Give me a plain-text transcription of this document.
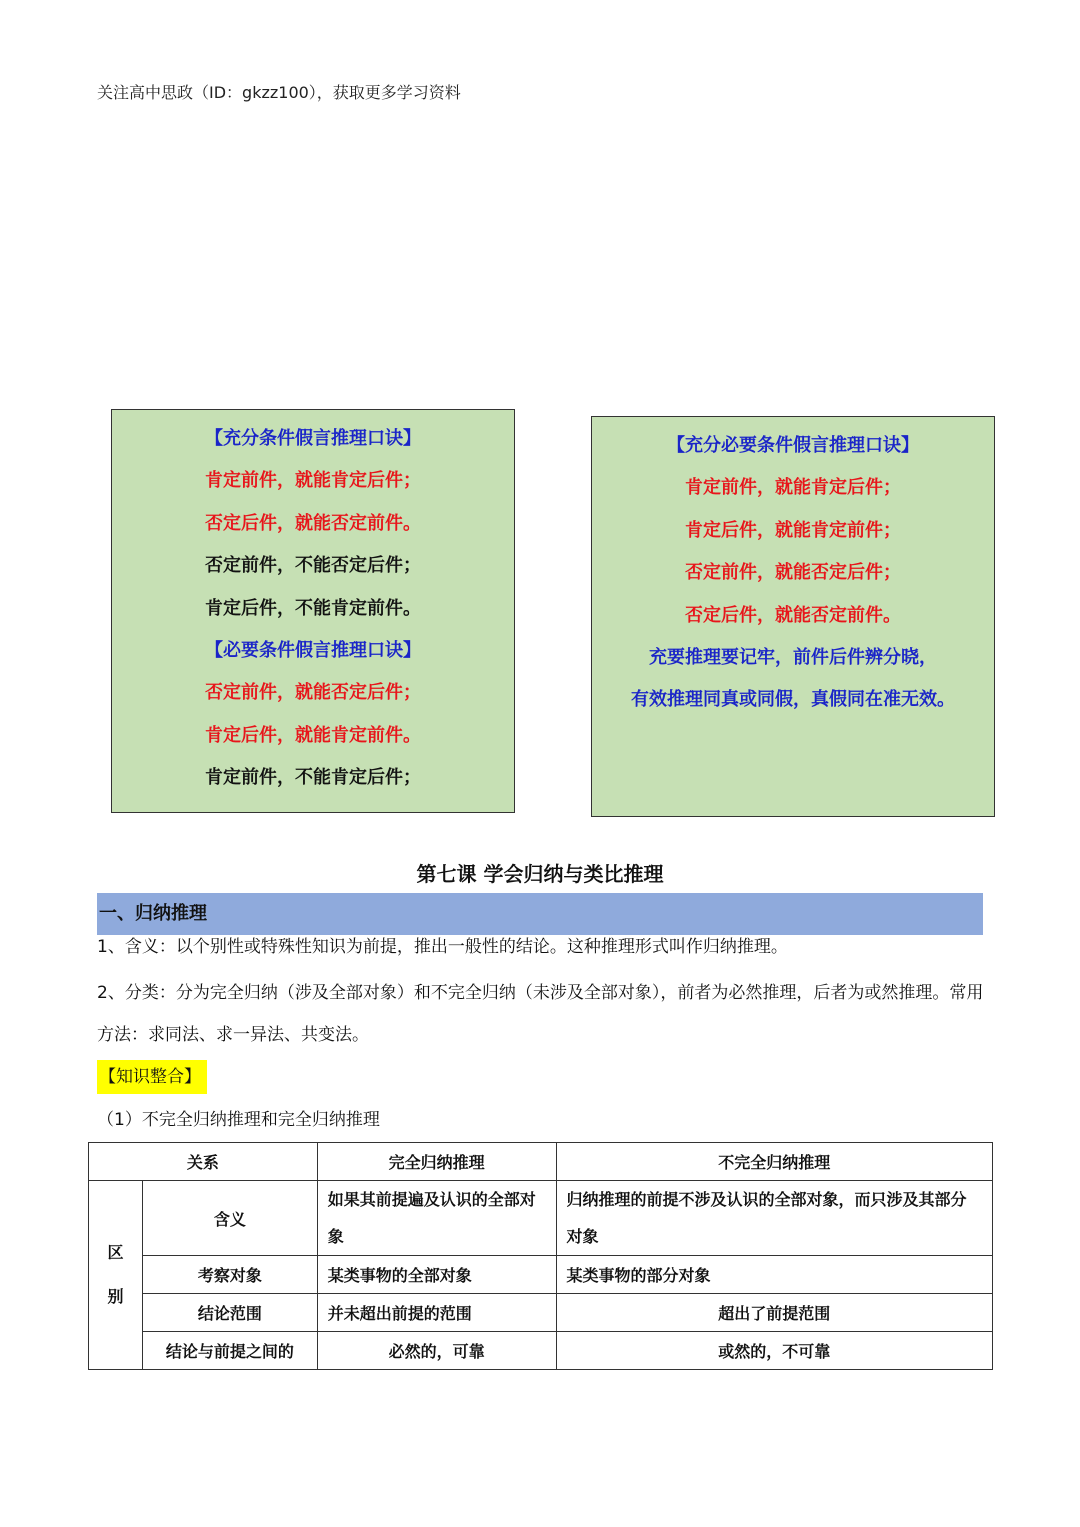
关注高中思政（ID：gkzz100），获取更多学习资料
【充分条件假言推理口诀】
肯定前件，就能肯定后件；
否定后件，就能否定前件。
否定前件，不能否定后件；
肯定后件，不能肯定前件。
【必要条件假言推理口诀】
否定前件，就能否定后件；
肯定后件，就能肯定前件。
肯定前件，不能肯定后件；
【充分必要条件假言推理口诀】
肯定前件，就能肯定后件；
肯定后件，就能肯定前件；
否定前件，就能否定后件；
否定后件，就能否定前件。
充要推理要记牢，前件后件辨分晓，
有效推理同真或同假，真假同在准无效。
第七课 学会归纳与类比推理
一、归纳推理
1、含义：以个别性或特殊性知识为前提，推出一般性的结论。这种推理形式叫作归纳推理。
2、分类：分为完全归纳（涉及全部对象）和不完全归纳（未涉及全部对象），前者为必然推理，后者为或然推理。常用方法：求同法、求一异法、共变法。
【知识整合】
（1）不完全归纳推理和完全归纳推理
关系		完全归纳推理	不完全归纳推理
区别	含义	如果其前提遍及认识的全部对象	归纳推理的前提不涉及认识的全部对象，而只涉及其部分对象
	考察对象	某类事物的全部对象	某类事物的部分对象
	结论范围	并未超出前提的范围	超出了前提范围
	结论与前提之间的	必然的，可靠	或然的，不可靠
